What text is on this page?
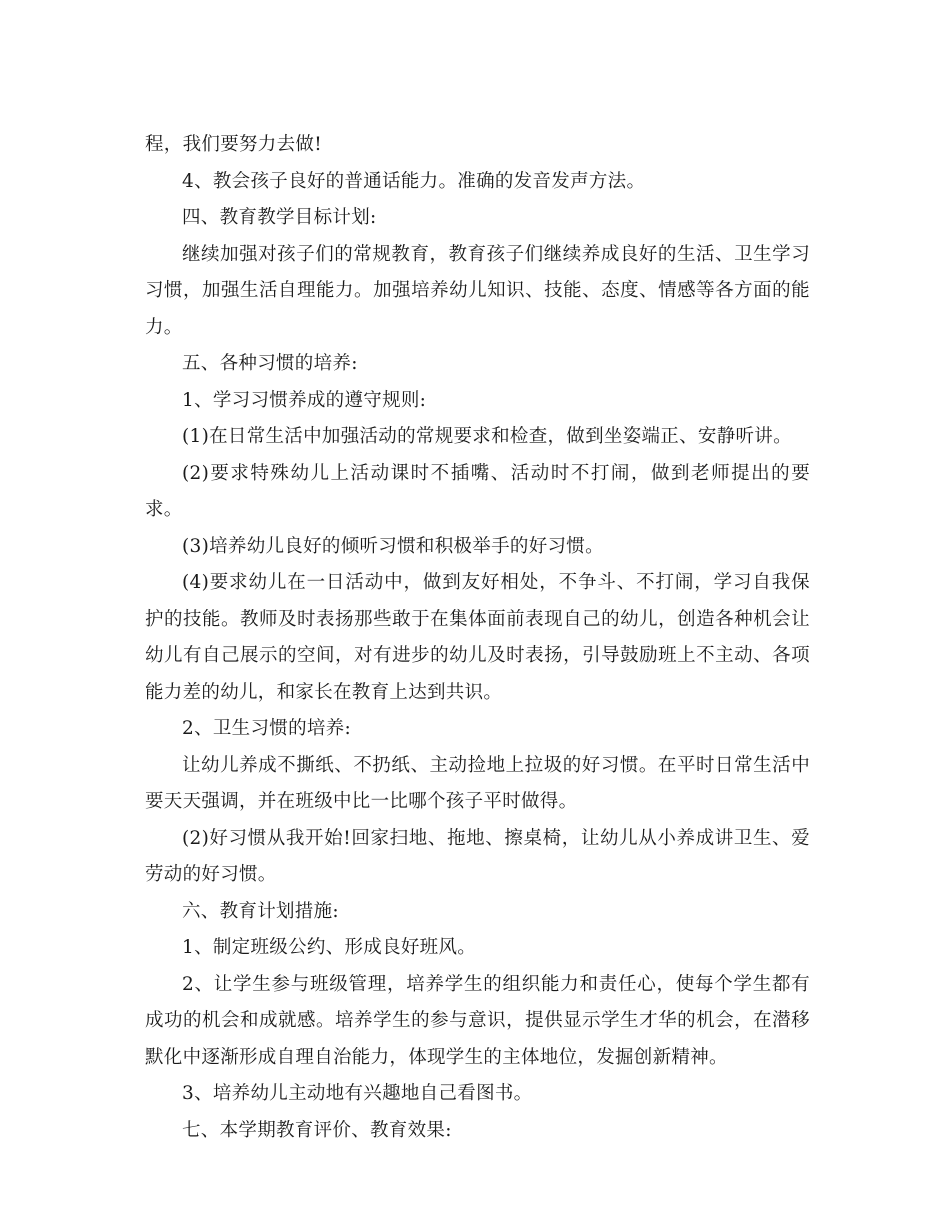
程，我们要努力去做!

4、教会孩子良好的普通话能力。准确的发音发声方法。

四、教育教学目标计划:

继续加强对孩子们的常规教育，教育孩子们继续养成良好的生活、卫生学习习惯，加强生活自理能力。加强培养幼儿知识、技能、态度、情感等各方面的能力。

五、各种习惯的培养:

1、学习习惯养成的遵守规则:

(1)在日常生活中加强活动的常规要求和检查，做到坐姿端正、安静听讲。

(2)要求特殊幼儿上活动课时不插嘴、活动时不打闹，做到老师提出的要求。

(3)培养幼儿良好的倾听习惯和积极举手的好习惯。

(4)要求幼儿在一日活动中，做到友好相处，不争斗、不打闹，学习自我保护的技能。教师及时表扬那些敢于在集体面前表现自己的幼儿，创造各种机会让幼儿有自己展示的空间，对有进步的幼儿及时表扬，引导鼓励班上不主动、各项能力差的幼儿，和家长在教育上达到共识。

2、卫生习惯的培养:

让幼儿养成不撕纸、不扔纸、主动捡地上拉圾的好习惯。在平时日常生活中要天天强调，并在班级中比一比哪个孩子平时做得。

(2)好习惯从我开始!回家扫地、拖地、擦桌椅，让幼儿从小养成讲卫生、爱劳动的好习惯。

六、教育计划措施:

1、制定班级公约、形成良好班风。

2、让学生参与班级管理，培养学生的组织能力和责任心，使每个学生都有成功的机会和成就感。培养学生的参与意识，提供显示学生才华的机会，在潜移默化中逐渐形成自理自治能力，体现学生的主体地位，发掘创新精神。

3、培养幼儿主动地有兴趣地自己看图书。

七、本学期教育评价、教育效果:
